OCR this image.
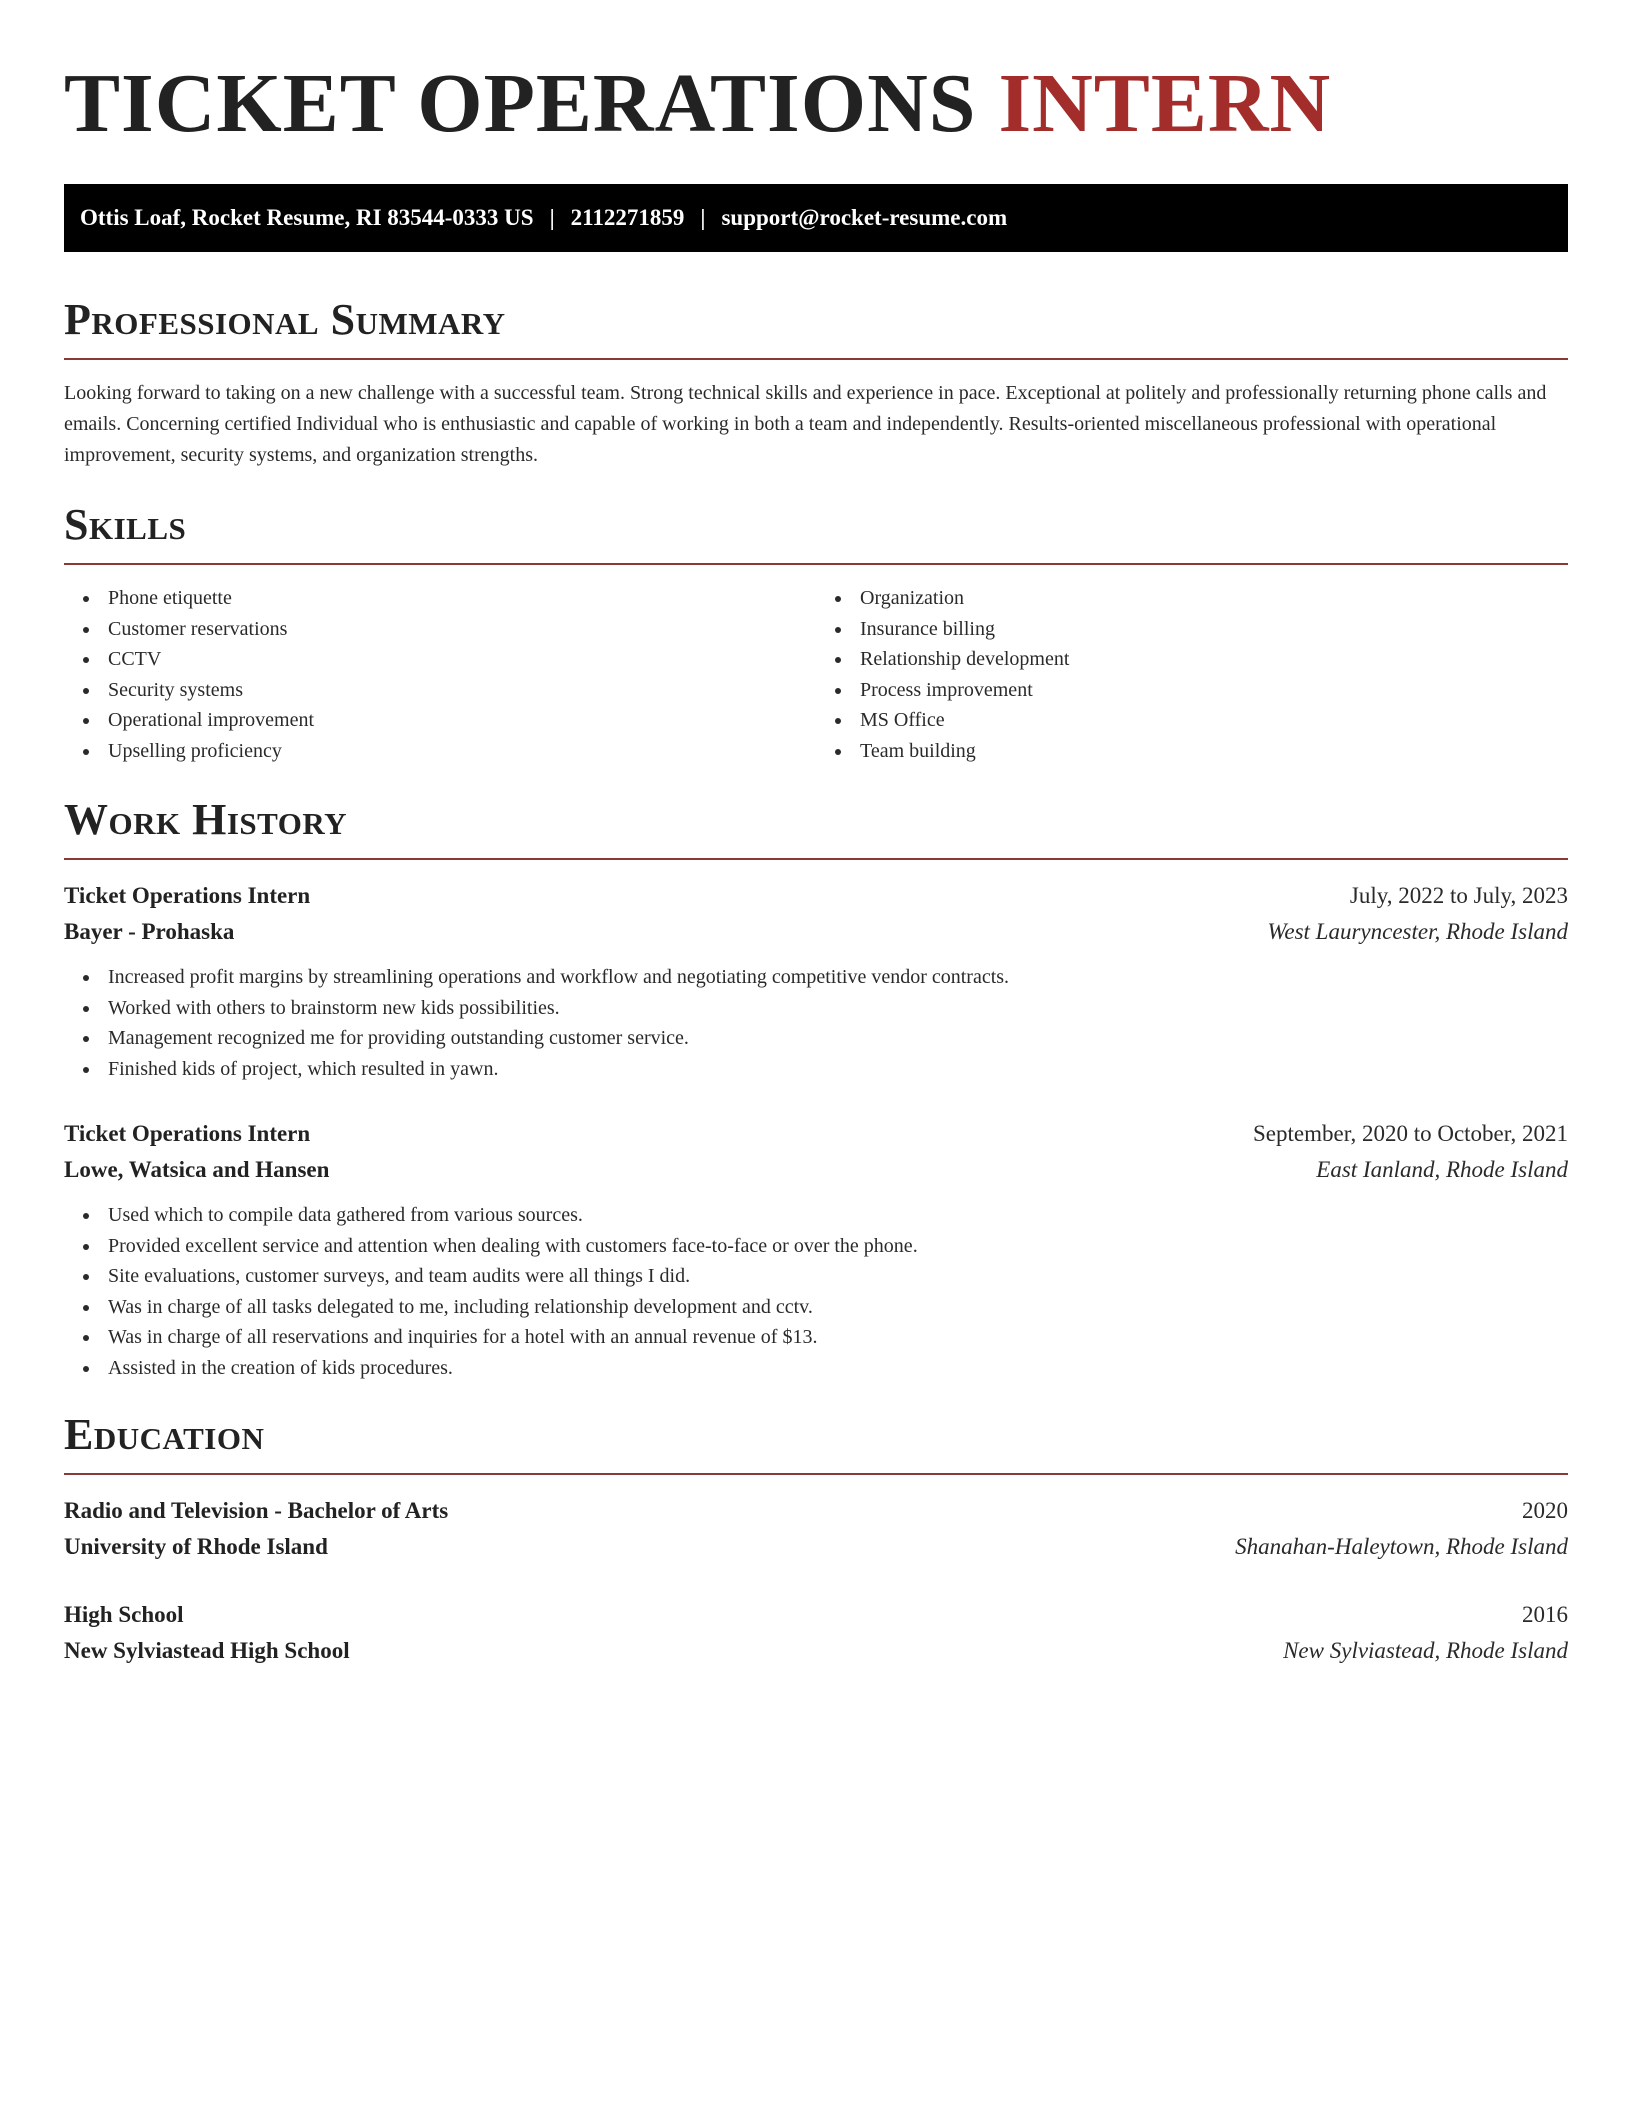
TICKET OPERATIONS INTERN
Ottis Loaf, Rocket Resume, RI 83544-0333 US | 2112271859 | support@rocket-resume.com
Professional Summary

Looking forward to taking on a new challenge with a successful team. Strong technical skills and experience in pace. Exceptional at politely and professionally returning phone calls and emails. Concerning certified Individual who is enthusiastic and capable of working in both a team and independently. Results-oriented miscellaneous professional with operational improvement, security systems, and organization strengths.

Skills
Phone etiquette
Customer reservations
CCTV
Security systems
Operational improvement
Upselling proficiency
Organization
Insurance billing
Relationship development
Process improvement
MS Office
Team building
Work History
Ticket Operations Intern	July, 2022 to July, 2023
Bayer - Prohaska	West Lauryncester, Rhode Island
Increased profit margins by streamlining operations and workflow and negotiating competitive vendor contracts.
Worked with others to brainstorm new kids possibilities.
Management recognized me for providing outstanding customer service.
Finished kids of project, which resulted in yawn.
Ticket Operations Intern	September, 2020 to October, 2021
Lowe, Watsica and Hansen	East Ianland, Rhode Island
Used which to compile data gathered from various sources.
Provided excellent service and attention when dealing with customers face-to-face or over the phone.
Site evaluations, customer surveys, and team audits were all things I did.
Was in charge of all tasks delegated to me, including relationship development and cctv.
Was in charge of all reservations and inquiries for a hotel with an annual revenue of $13.
Assisted in the creation of kids procedures.
Education
Radio and Television - Bachelor of Arts	2020
University of Rhode Island	Shanahan-Haleytown, Rhode Island
High School	2016
New Sylviastead High School	New Sylviastead, Rhode Island
